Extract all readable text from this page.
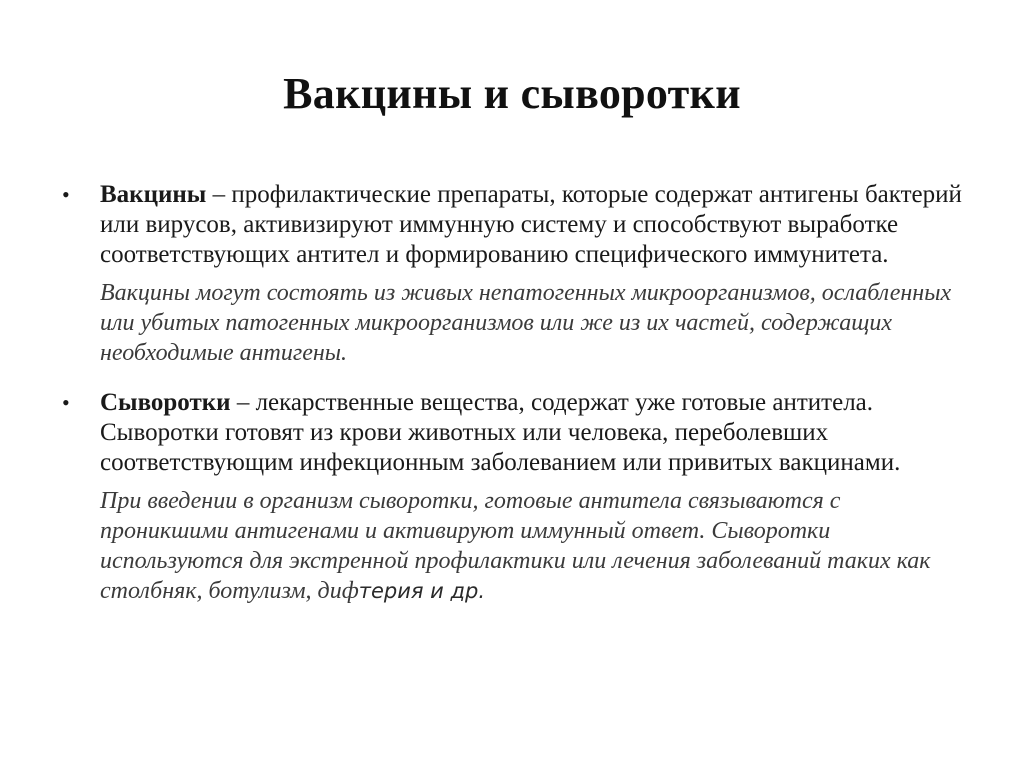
Вакцины и сыворотки
•	Вакцины – профилактические препараты, которые содержат антигены бактерий или вирусов, активизируют иммунную систему и способствуют выработке соответствующих антител и формированию специфического иммунитета.
Вакцины могут состоять из живых непатогенных микроорганизмов, ослабленных или убитых патогенных микроорганизмов или же из их частей, содержащих необходимые антигены.
•	Сыворотки – лекарственные вещества, содержат уже готовые антитела. Сыворотки готовят из крови животных или человека, переболевших соответствующим инфекционным заболеванием или привитых вакцинами.
При введении в организм сыворотки, готовые антитела связываются с проникшими антигенами и активируют иммунный ответ. Сыворотки используются для экстренной профилактики или лечения заболеваний таких как столбняк, ботулизм, дифтерия и др.
